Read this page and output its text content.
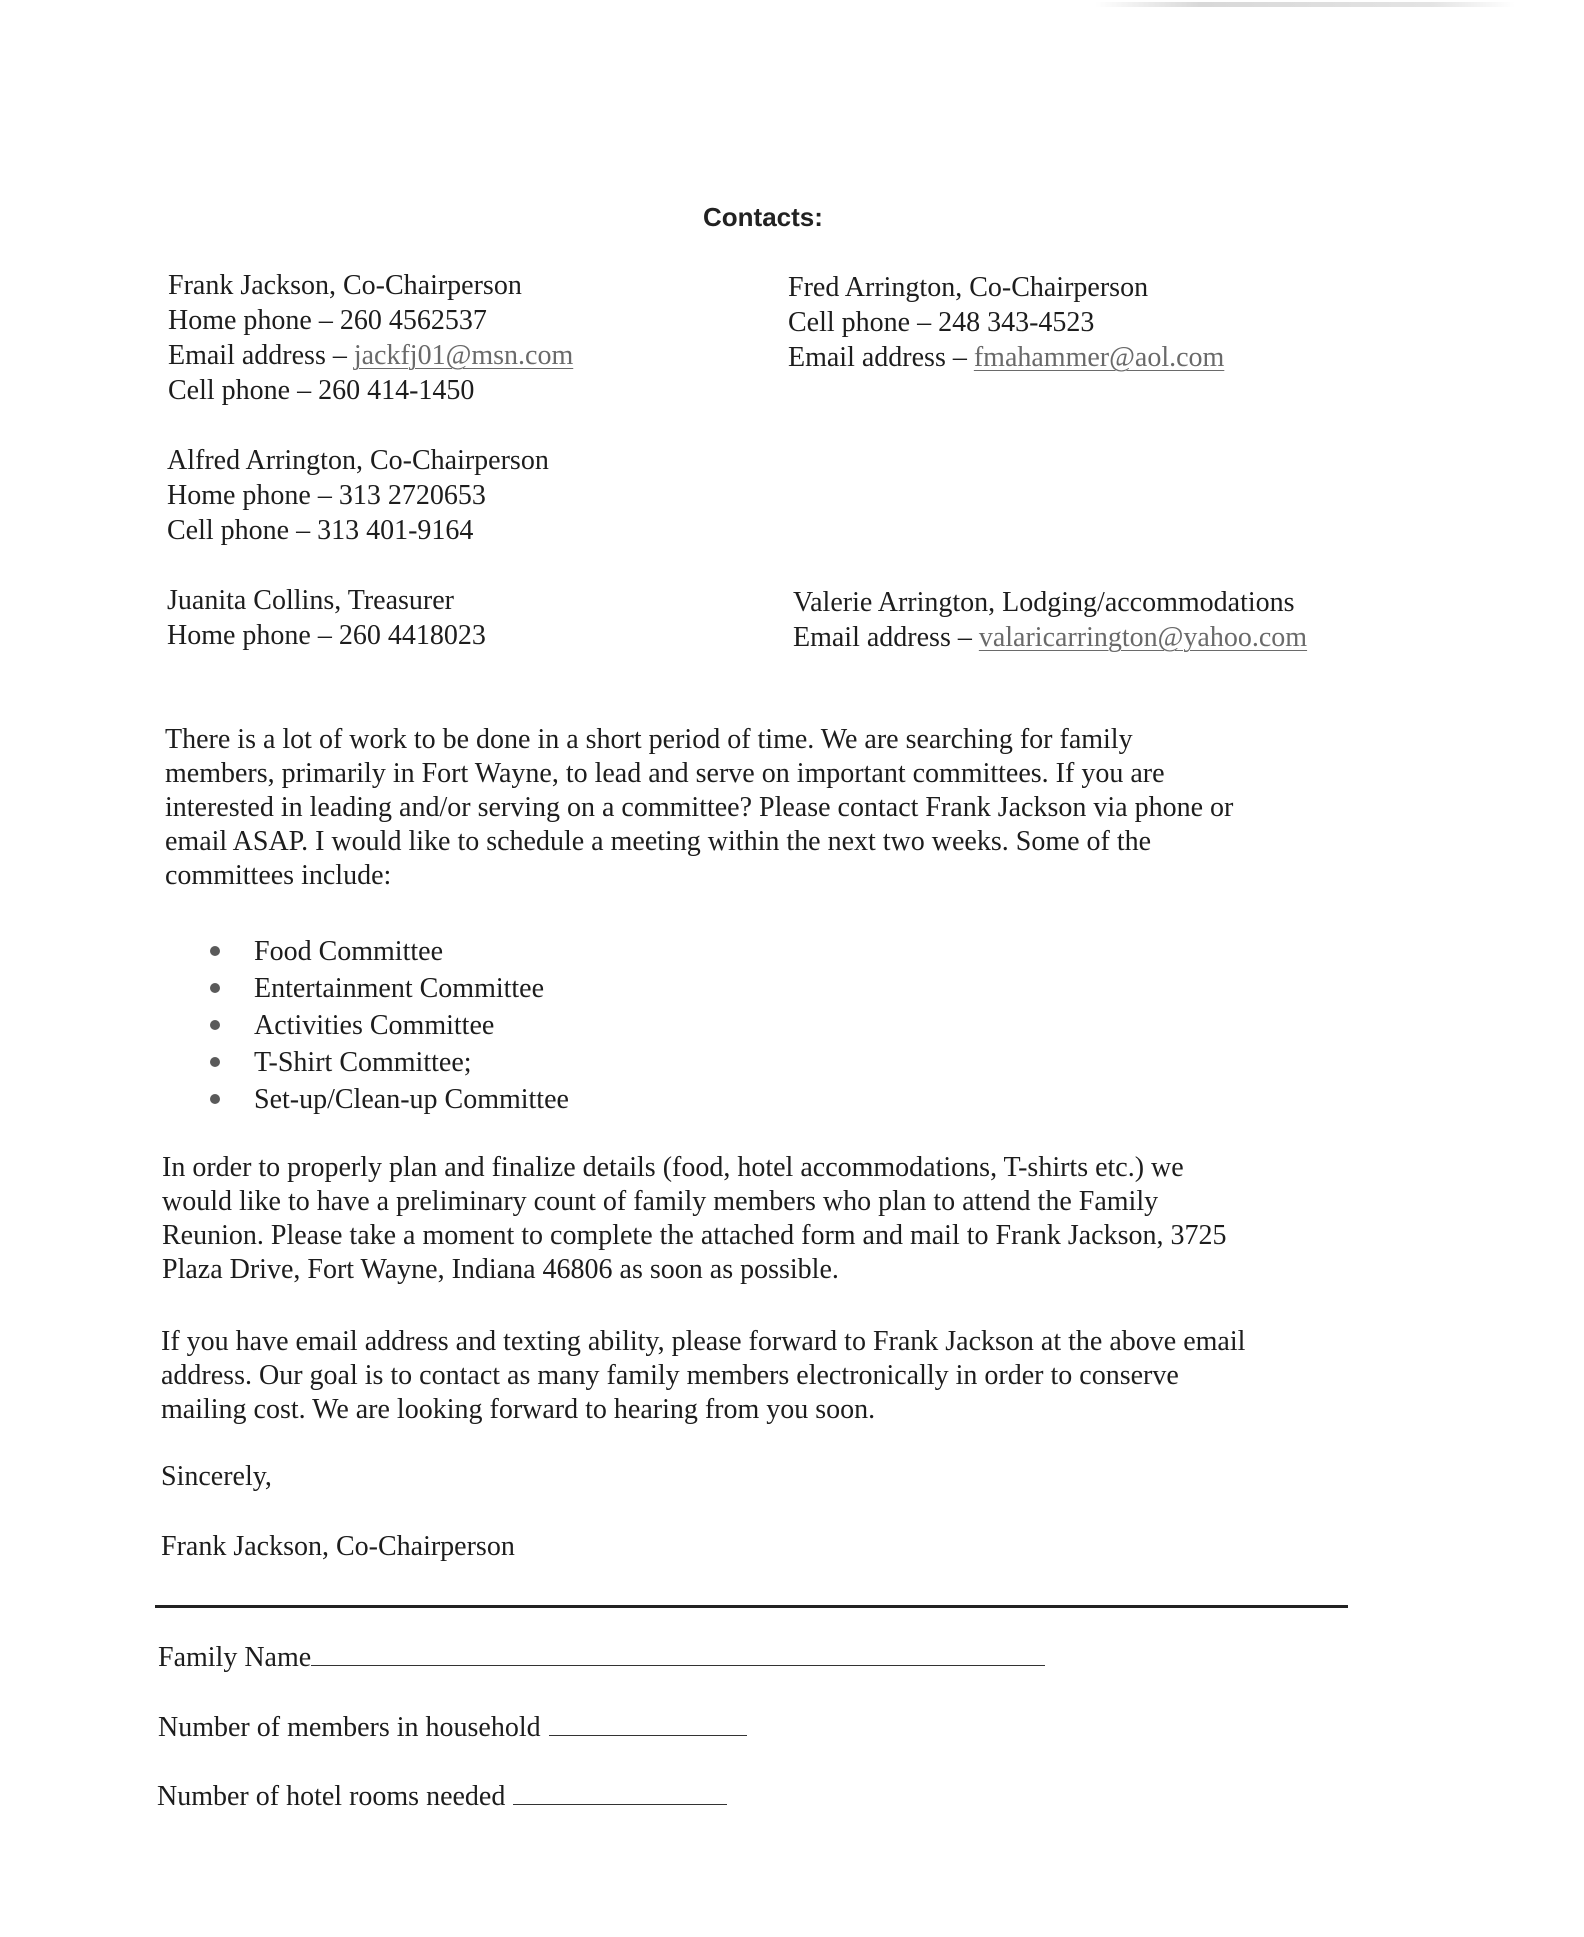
Contacts:
Frank Jackson, Co-Chairperson
Home phone – 260 4562537
Email address – jackfj01@msn.com
Cell phone – 260 414-1450
Fred Arrington, Co-Chairperson
Cell phone – 248 343-4523
Email address – fmahammer@aol.com
Alfred Arrington, Co-Chairperson
Home phone – 313 2720653
Cell phone – 313 401-9164
Juanita Collins, Treasurer
Home phone – 260 4418023
Valerie Arrington, Lodging/accommodations
Email address – valaricarrington@yahoo.com
There is a lot of work to be done in a short period of time. We are searching for family
members, primarily in Fort Wayne, to lead and serve on important committees. If you are
interested in leading and/or serving on a committee? Please contact Frank Jackson via phone or
email ASAP. I would like to schedule a meeting within the next two weeks. Some of the
committees include:
Food Committee
Entertainment Committee
Activities Committee
T-Shirt Committee;
Set-up/Clean-up Committee
In order to properly plan and finalize details (food, hotel accommodations, T-shirts etc.) we
would like to have a preliminary count of family members who plan to attend the Family
Reunion. Please take a moment to complete the attached form and mail to Frank Jackson, 3725
Plaza Drive, Fort Wayne, Indiana 46806 as soon as possible.
If you have email address and texting ability, please forward to Frank Jackson at the above email
address. Our goal is to contact as many family members electronically in order to conserve
mailing cost. We are looking forward to hearing from you soon.
Sincerely,
Frank Jackson, Co-Chairperson
Family Name
Number of members in household
Number of hotel rooms needed
